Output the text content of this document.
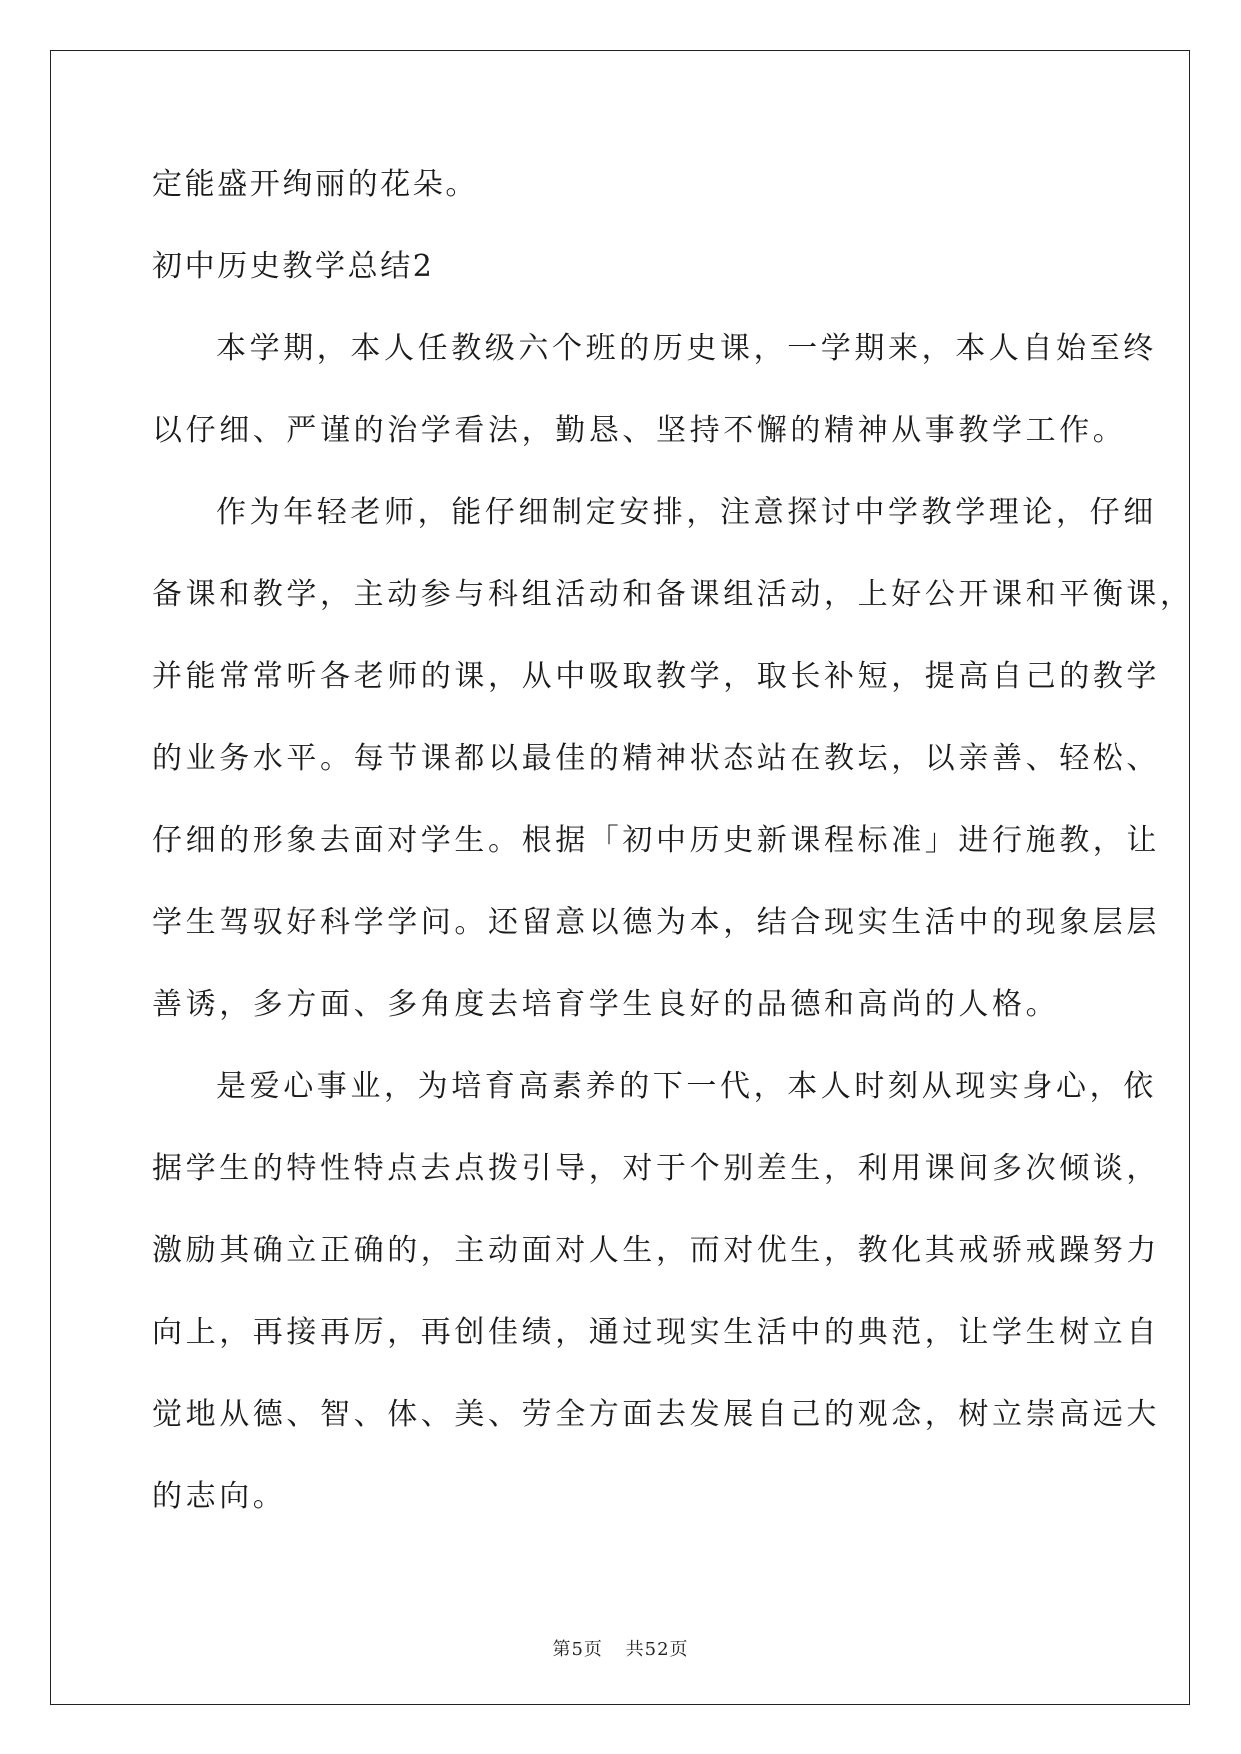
定能盛开绚丽的花朵。
初中历史教学总结2
本学期，本人任教级六个班的历史课，一学期来，本人自始至终
以仔细、严谨的治学看法，勤恳、坚持不懈的精神从事教学工作。
作为年轻老师，能仔细制定安排，注意探讨中学教学理论，仔细
备课和教学，主动参与科组活动和备课组活动，上好公开课和平衡课，
并能常常听各老师的课，从中吸取教学，取长补短，提高自己的教学
的业务水平。每节课都以最佳的精神状态站在教坛，以亲善、轻松、
仔细的形象去面对学生。根据「初中历史新课程标准」进行施教，让
学生驾驭好科学学问。还留意以德为本，结合现实生活中的现象层层
善诱，多方面、多角度去培育学生良好的品德和高尚的人格。
是爱心事业，为培育高素养的下一代，本人时刻从现实身心，依
据学生的特性特点去点拨引导，对于个别差生，利用课间多次倾谈，
激励其确立正确的，主动面对人生，而对优生，教化其戒骄戒躁努力
向上，再接再厉，再创佳绩，通过现实生活中的典范，让学生树立自
觉地从德、智、体、美、劳全方面去发展自己的观念，树立崇高远大
的志向。
第5页 共52页
